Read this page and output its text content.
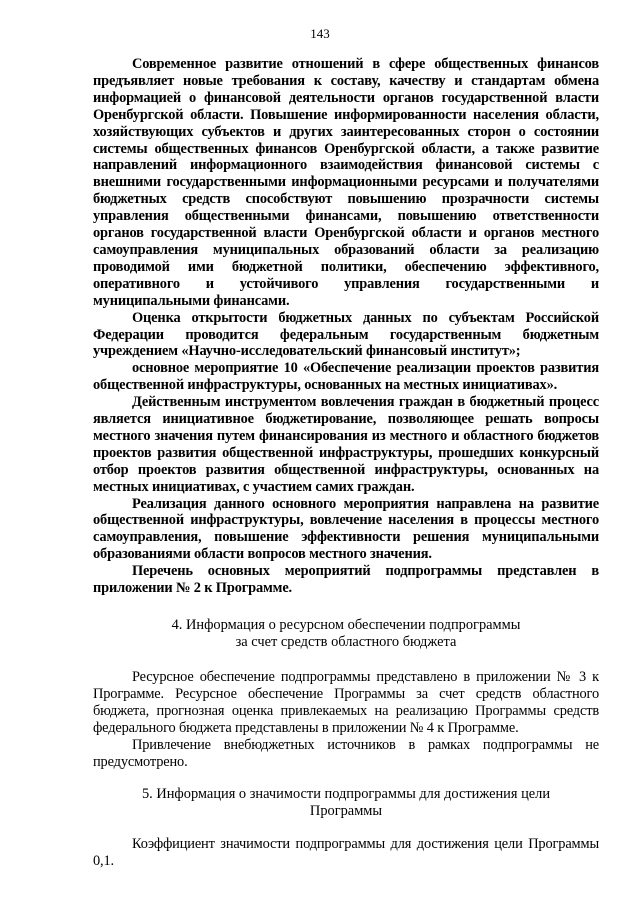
143

Современное развитие отношений в сфере общественных финансов предъявляет новые требования к составу, качеству и стандартам обмена информацией о финансовой деятельности органов государственной власти Оренбургской области. Повышение информированности населения области, хозяйствующих субъектов и других заинтересованных сторон о состоянии системы общественных финансов Оренбургской области, а также развитие направлений информационного взаимодействия финансовой системы с внешними государственными информационными ресурсами и получателями бюджетных средств способствуют повышению прозрачности системы управления общественными финансами, повышению ответственности органов государственной власти Оренбургской области и органов местного самоуправления муниципальных образований области за реализацию проводимой ими бюджетной политики, обеспечению эффективного, оперативного и устойчивого управления государственными и муниципальными финансами.

Оценка открытости бюджетных данных по субъектам Российской Федерации проводится федеральным государственным бюджетным учреждением «Научно-исследовательский финансовый институт»;

основное мероприятие 10 «Обеспечение реализации проектов развития общественной инфраструктуры, основанных на местных инициативах».

Действенным инструментом вовлечения граждан в бюджетный процесс является инициативное бюджетирование, позволяющее решать вопросы местного значения путем финансирования из местного и областного бюджетов проектов развития общественной инфраструктуры, прошедших конкурсный отбор проектов развития общественной инфраструктуры, основанных на местных инициативах, с участием самих граждан.

Реализация данного основного мероприятия направлена на развитие общественной инфраструктуры, вовлечение населения в процессы местного самоуправления, повышение эффективности решения муниципальными образованиями области вопросов местного значения.

Перечень основных мероприятий подпрограммы представлен в приложении № 2 к Программе.

4. Информация о ресурсном обеспечении подпрограммы

за счет средств областного бюджета

Ресурсное обеспечение подпрограммы представлено в приложении № 3 к Программе. Ресурсное обеспечение Программы за счет средств областного бюджета, прогнозная оценка привлекаемых на реализацию Программы средств федерального бюджета представлены в приложении № 4 к Программе.

Привлечение внебюджетных источников в рамках подпрограммы не предусмотрено.

5. Информация о значимости подпрограммы для достижения цели

Программы

Коэффициент значимости подпрограммы для достижения цели Программы 0,1.
